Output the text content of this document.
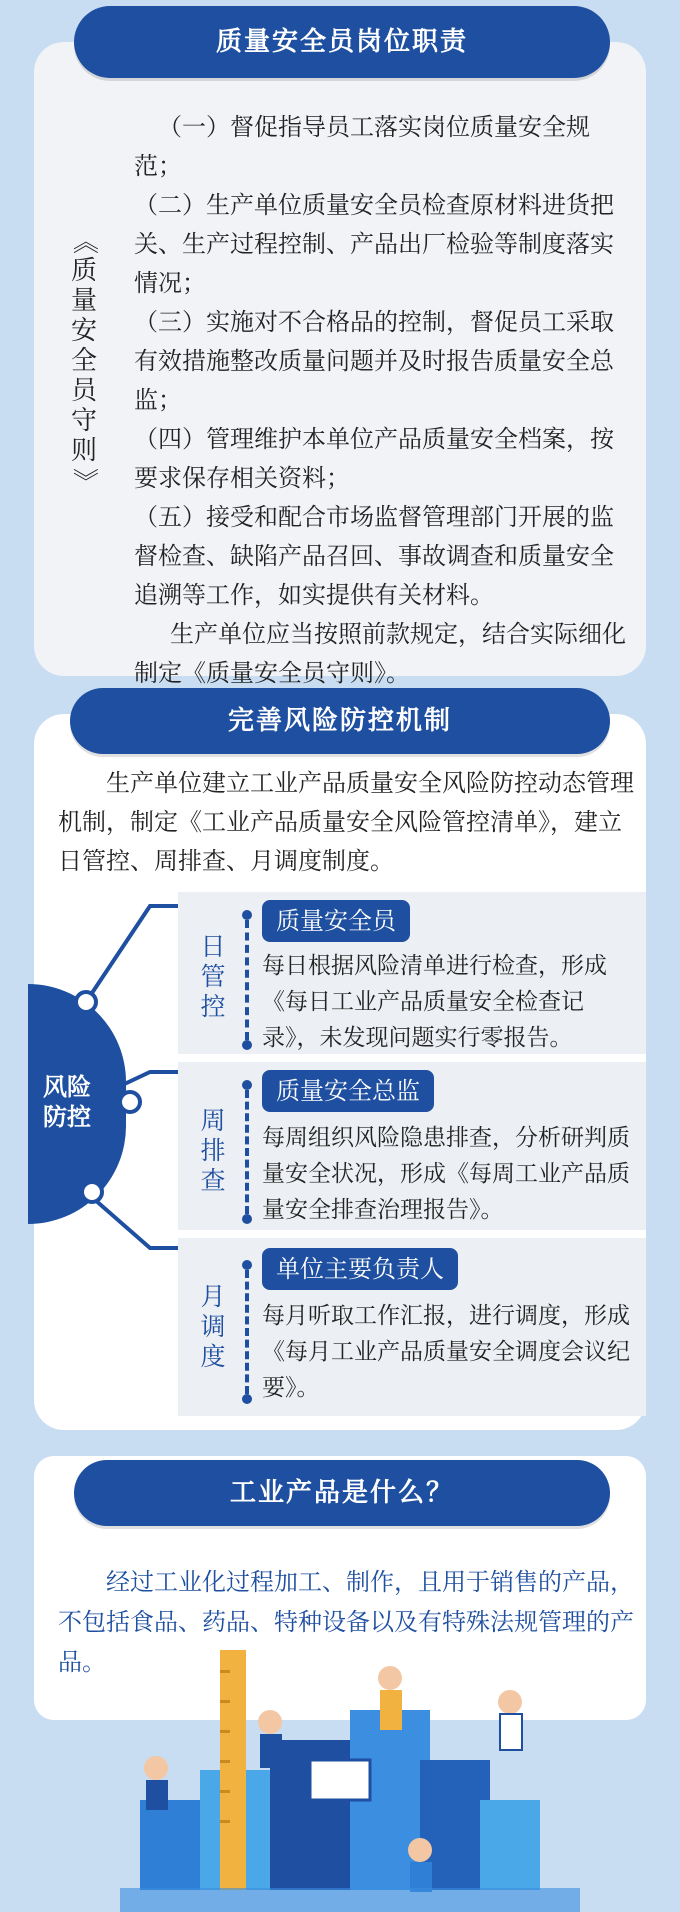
质量安全员岗位职责
《
质
量
安
全
员
守
则
》

（一）督促指导员工落实岗位质量安全规范；

（二）生产单位质量安全员检查原材料进货把关、生产过程控制、产品出厂检验等制度落实情况；

（三）实施对不合格品的控制，督促员工采取有效措施整改质量问题并及时报告质量安全总监；

（四）管理维护本单位产品质量安全档案，按要求保存相关资料；

（五）接受和配合市场监督管理部门开展的监督检查、缺陷产品召回、事故调查和质量安全追溯等工作，如实提供有关材料。

生产单位应当按照前款规定，结合实际细化制定《质量安全员守则》。

完善风险防控机制
生产单位建立工业产品质量安全风险防控动态管理机制，制定《工业产品质量安全风险管控清单》，建立日管控、周排查、月调度制度。
日
管
控
质量安全员
每日根据风险清单进行检查，形成《每日工业产品质量安全检查记录》，未发现问题实行零报告。
周
排
查
质量安全总监
每周组织风险隐患排查，分析研判质量安全状况，形成《每周工业产品质量安全排查治理报告》。
月
调
度
单位主要负责人
每月听取工作汇报，进行调度，形成《每月工业产品质量安全调度会议纪要》。
风险防控
工业产品是什么？
经过工业化过程加工、制作，且用于销售的产品，不包括食品、药品、特种设备以及有特殊法规管理的产品。
